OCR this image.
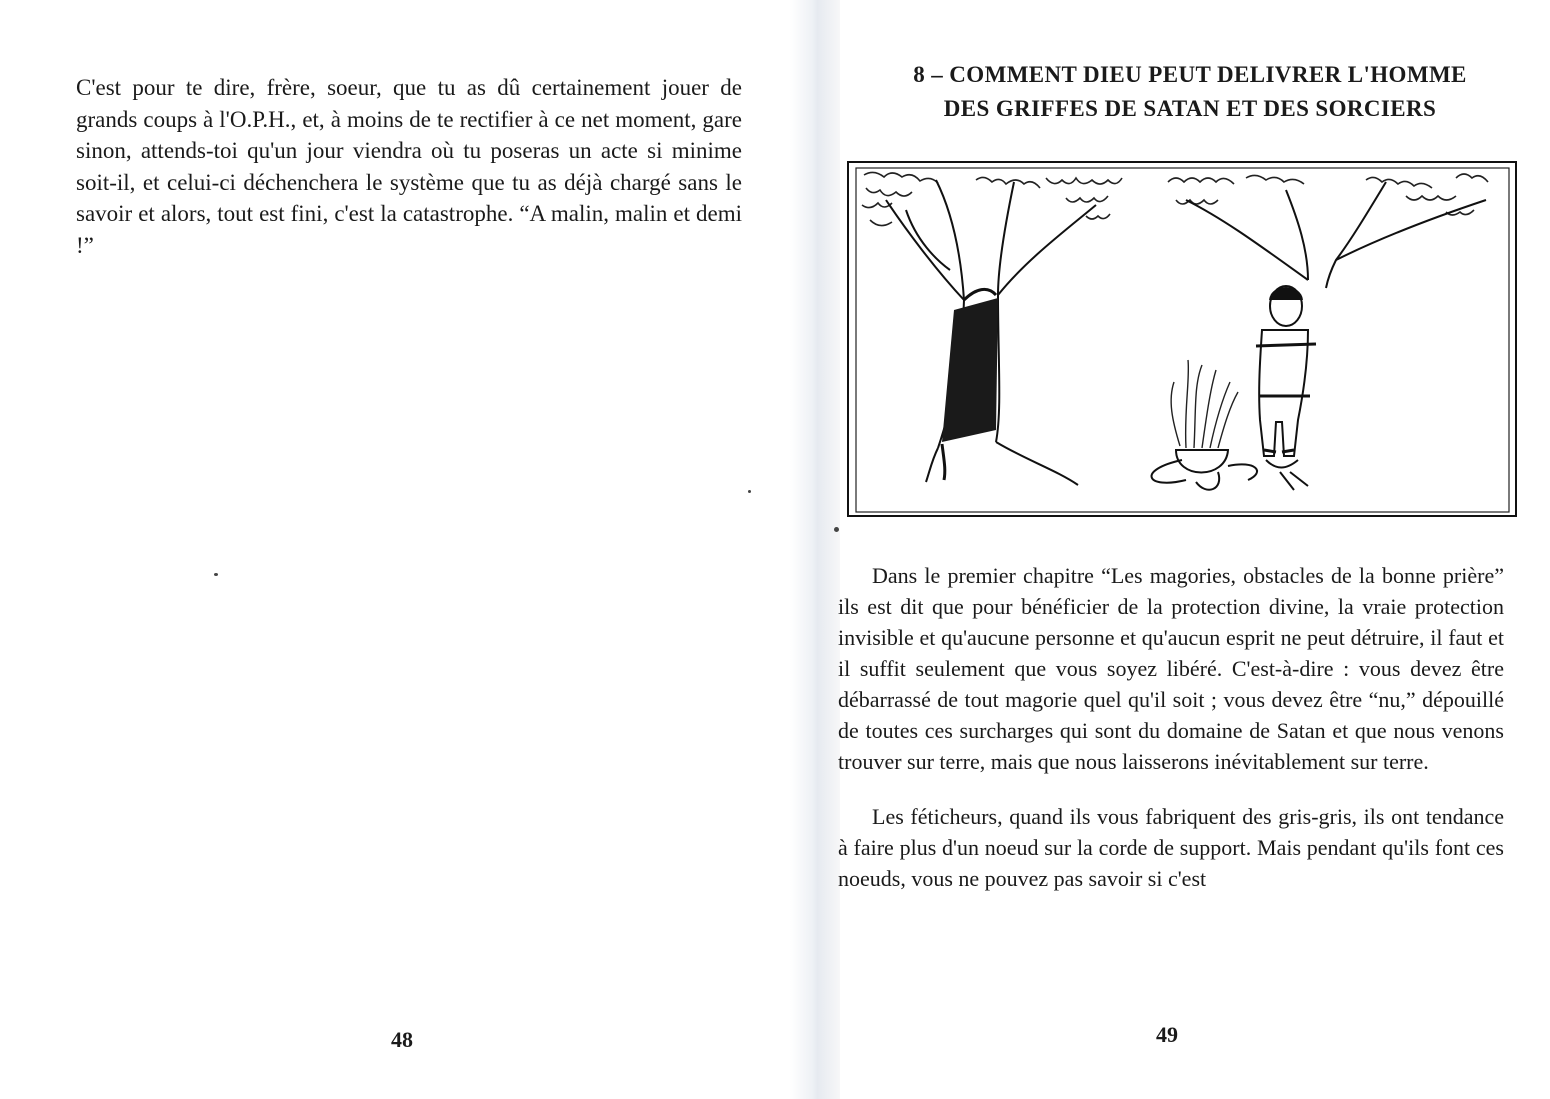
C'est pour te dire, frère, soeur, que tu as dû certainement jouer de grands coups à l'O.P.H., et, à moins de te rectifier à ce net moment, gare sinon, attends-toi qu'un jour viendra où tu poseras un acte si minime soit-il, et celui-ci déchenchera le système que tu as déjà chargé sans le savoir et alors, tout est fini, c'est la catastrophe. “A malin, malin et demi !”

48
8 – COMMENT DIEU PEUT DELIVRER L'HOMME
DES GRIFFES DE SATAN ET DES SORCIERS

Dans le premier chapitre “Les magories, obstacles de la bonne prière” ils est dit que pour bénéficier de la protection divine, la vraie protection invisible et qu'aucune personne et qu'aucun esprit ne peut détruire, il faut et il suffit seulement que vous soyez libéré. C'est-à-dire : vous devez être débarrassé de tout magorie quel qu'il soit ; vous devez être “nu,” dépouillé de toutes ces surcharges qui sont du domaine de Satan et que nous venons trouver sur terre, mais que nous laisserons inévitablement sur terre.

Les féticheurs, quand ils vous fabriquent des gris-gris, ils ont tendance à faire plus d'un noeud sur la corde de support. Mais pendant qu'ils font ces noeuds, vous ne pouvez pas savoir si c'est

49
